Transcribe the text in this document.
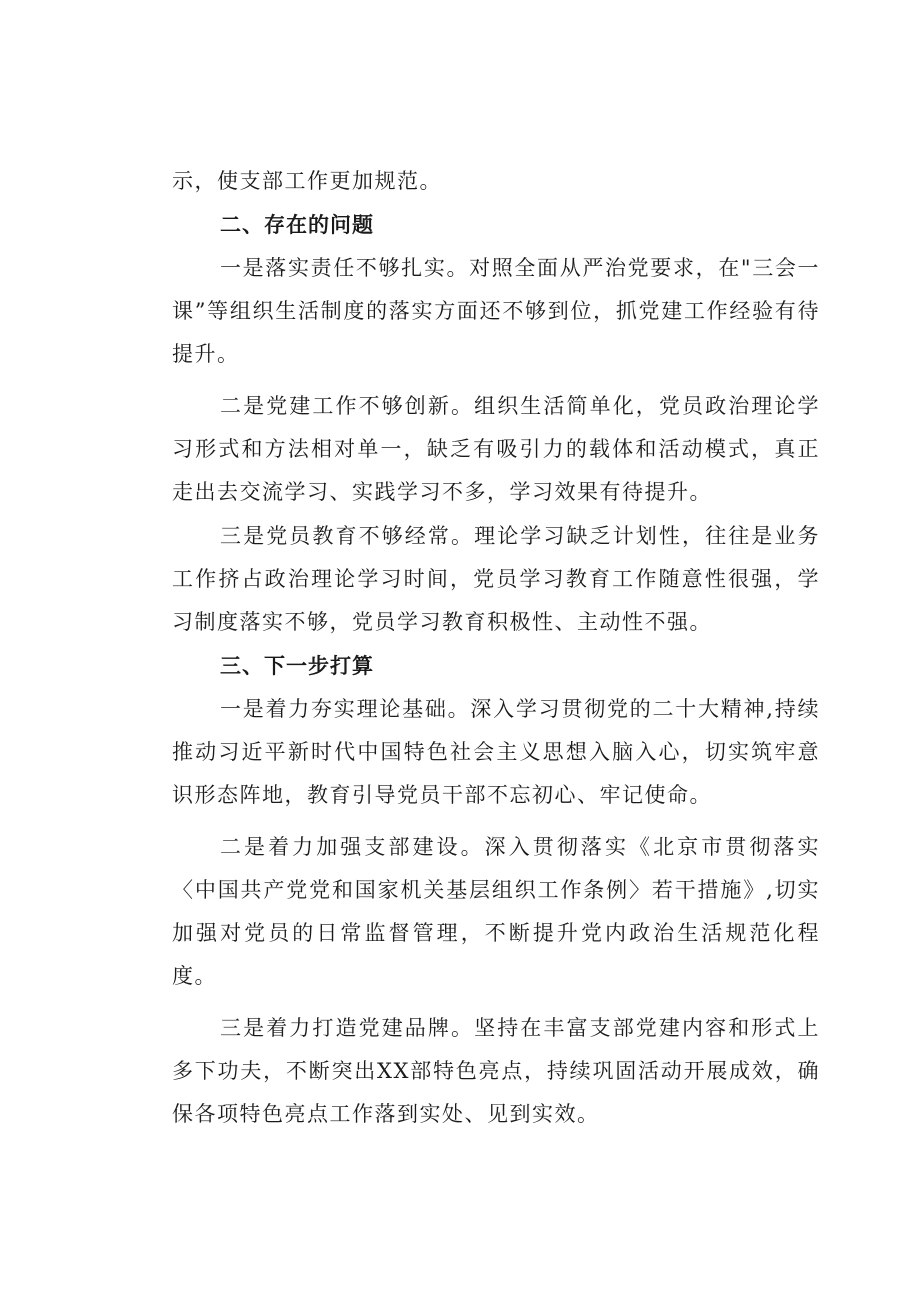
示，使支部工作更加规范。

二、存在的问题

一是落实责任不够扎实。对照全面从严治党要求，在"三会一课”等组织生活制度的落实方面还不够到位，抓党建工作经验有待提升。

二是党建工作不够创新。组织生活简单化，党员政治理论学习形式和方法相对单一，缺乏有吸引力的载体和活动模式，真正走出去交流学习、实践学习不多，学习效果有待提升。

三是党员教育不够经常。理论学习缺乏计划性，往往是业务工作挤占政治理论学习时间，党员学习教育工作随意性很强，学习制度落实不够，党员学习教育积极性、主动性不强。

三、下一步打算

一是着力夯实理论基础。深入学习贯彻党的二十大精神,持续推动习近平新时代中国特色社会主义思想入脑入心，切实筑牢意识形态阵地，教育引导党员干部不忘初心、牢记使命。

二是着力加强支部建设。深入贯彻落实《北京市贯彻落实〈中国共产党党和国家机关基层组织工作条例〉若干措施》,切实加强对党员的日常监督管理，不断提升党内政治生活规范化程度。

三是着力打造党建品牌。坚持在丰富支部党建内容和形式上多下功夫，不断突出XX部特色亮点，持续巩固活动开展成效，确保各项特色亮点工作落到实处、见到实效。
